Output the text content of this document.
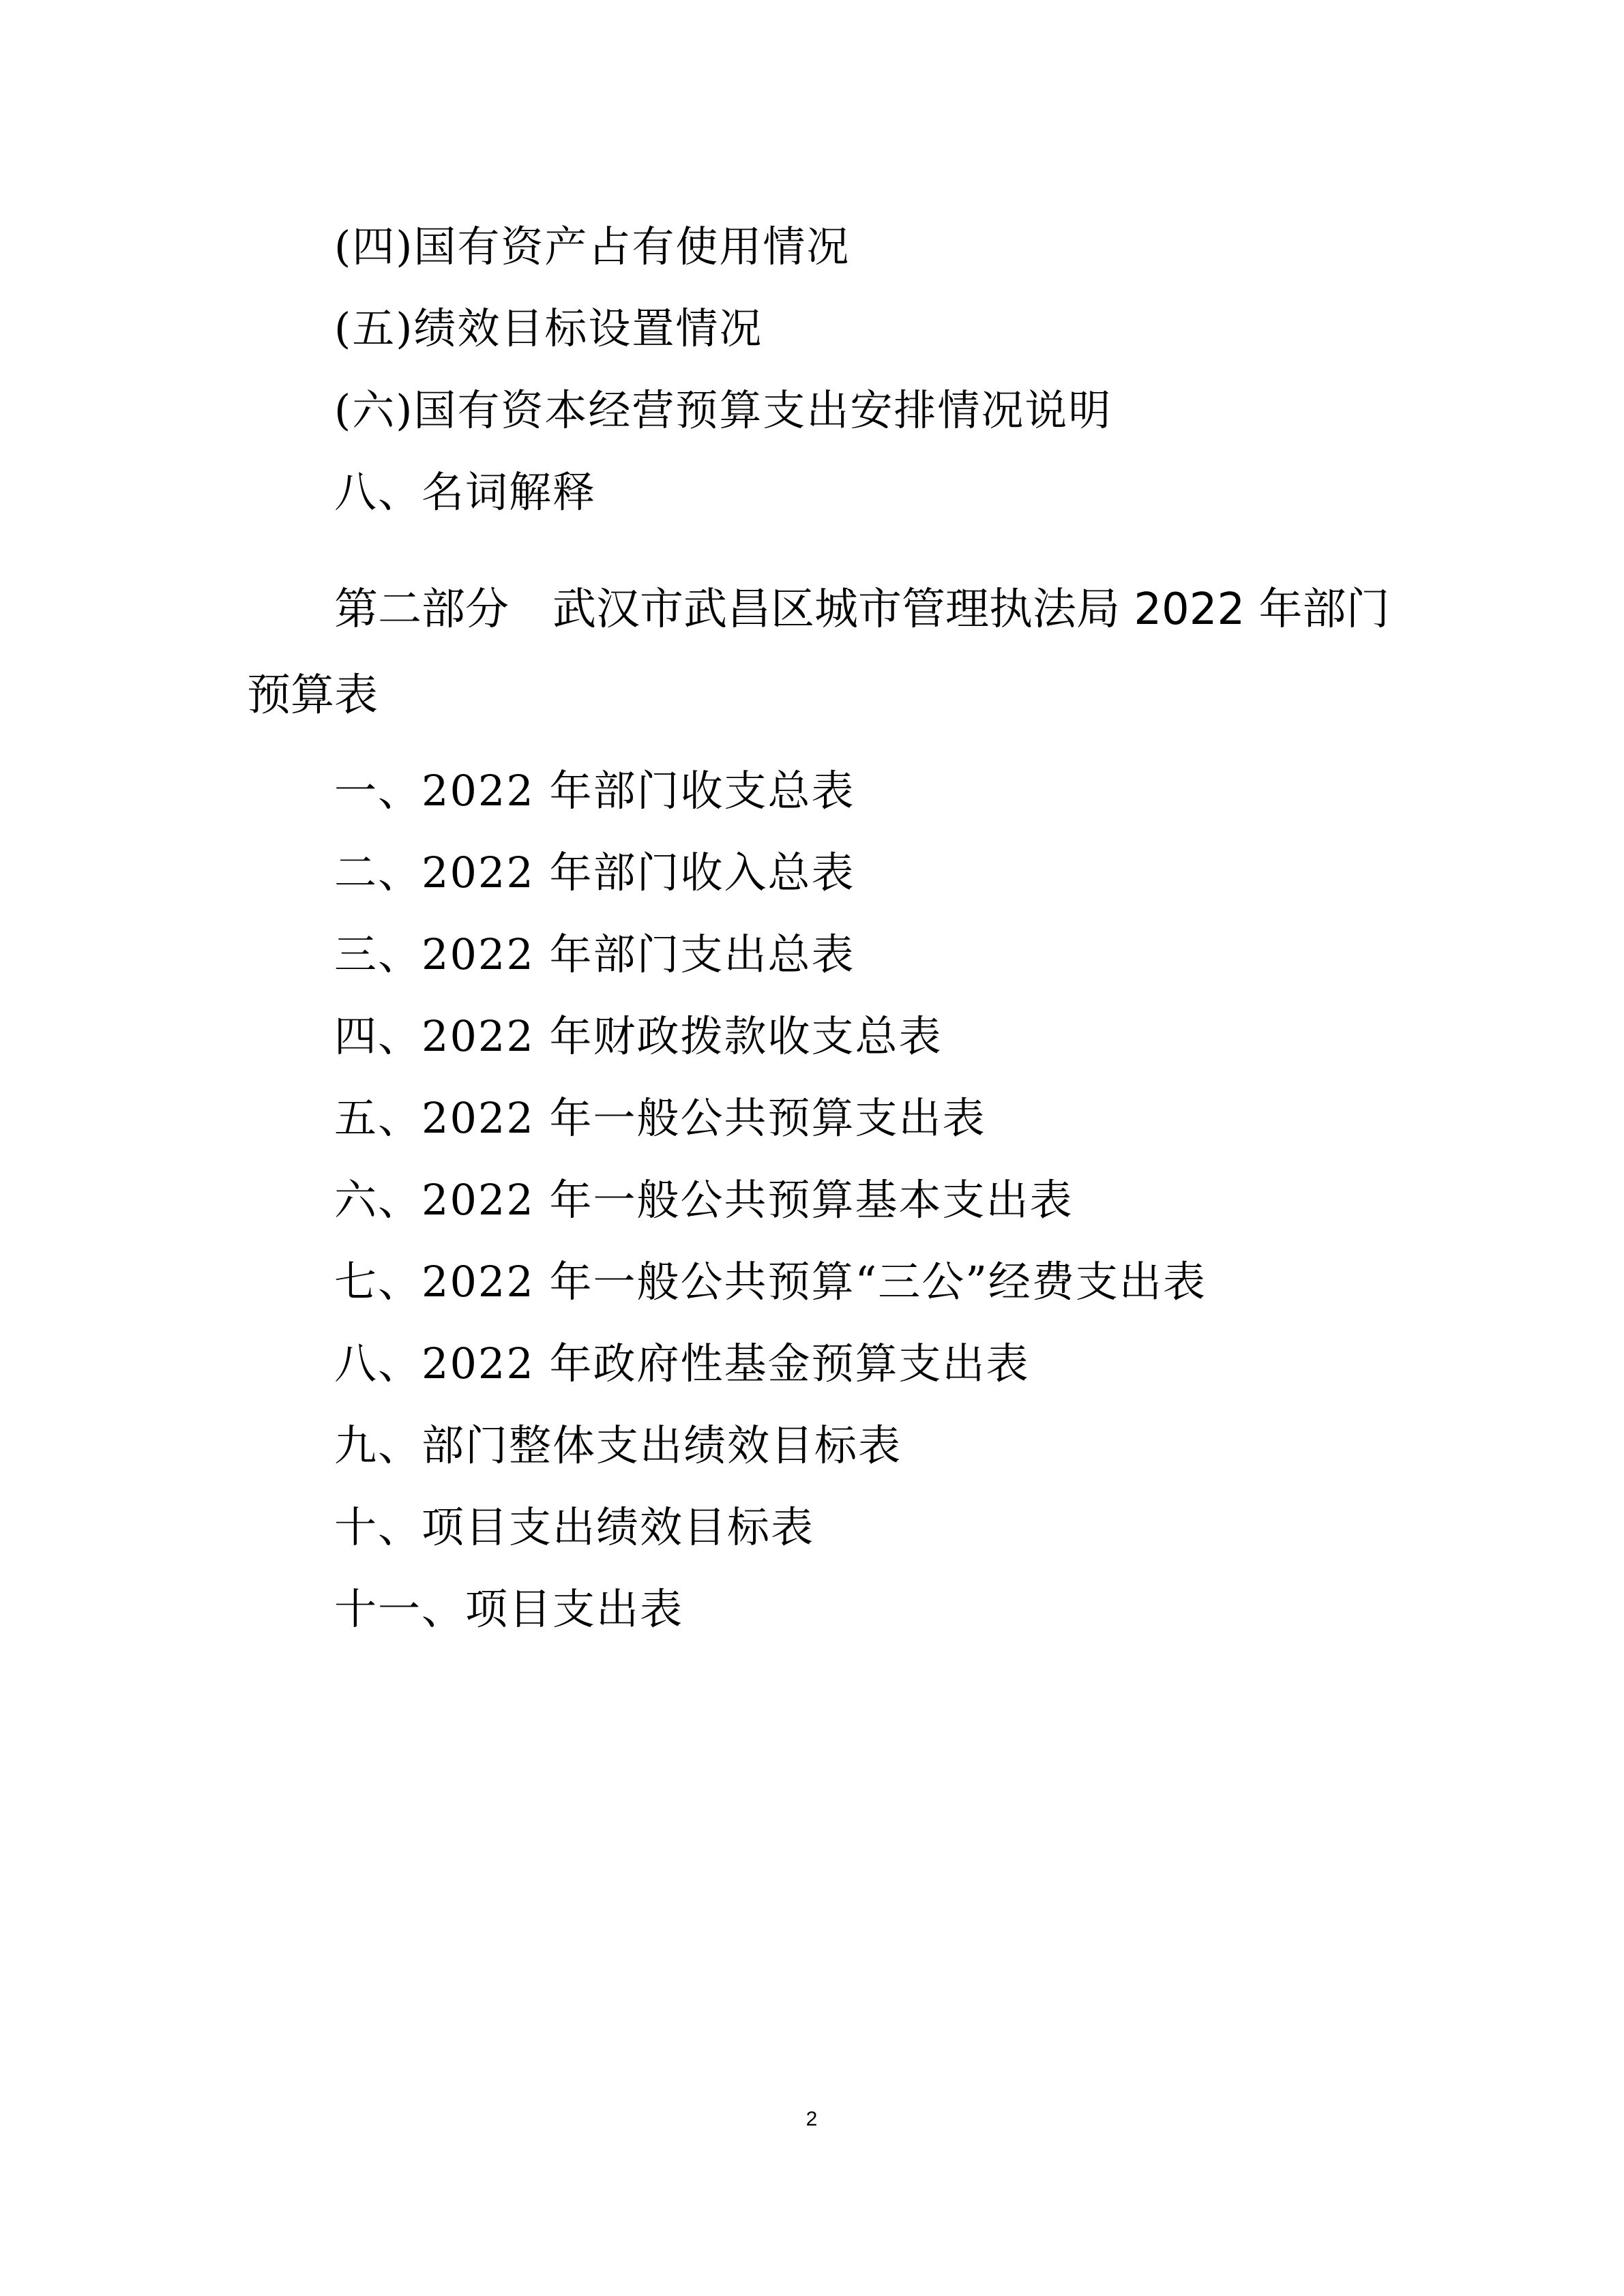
(四)国有资产占有使用情况

(五)绩效目标设置情况

(六)国有资本经营预算支出安排情况说明

八、名词解释

第二部分　武汉市武昌区城市管理执法局 2022 年部门

预算表

一、2022 年部门收支总表

二、2022 年部门收入总表

三、2022 年部门支出总表

四、2022 年财政拨款收支总表

五、2022 年一般公共预算支出表

六、2022 年一般公共预算基本支出表

七、2022 年一般公共预算“三公”经费支出表

八、2022 年政府性基金预算支出表

九、部门整体支出绩效目标表

十、项目支出绩效目标表

十一、项目支出表

2
